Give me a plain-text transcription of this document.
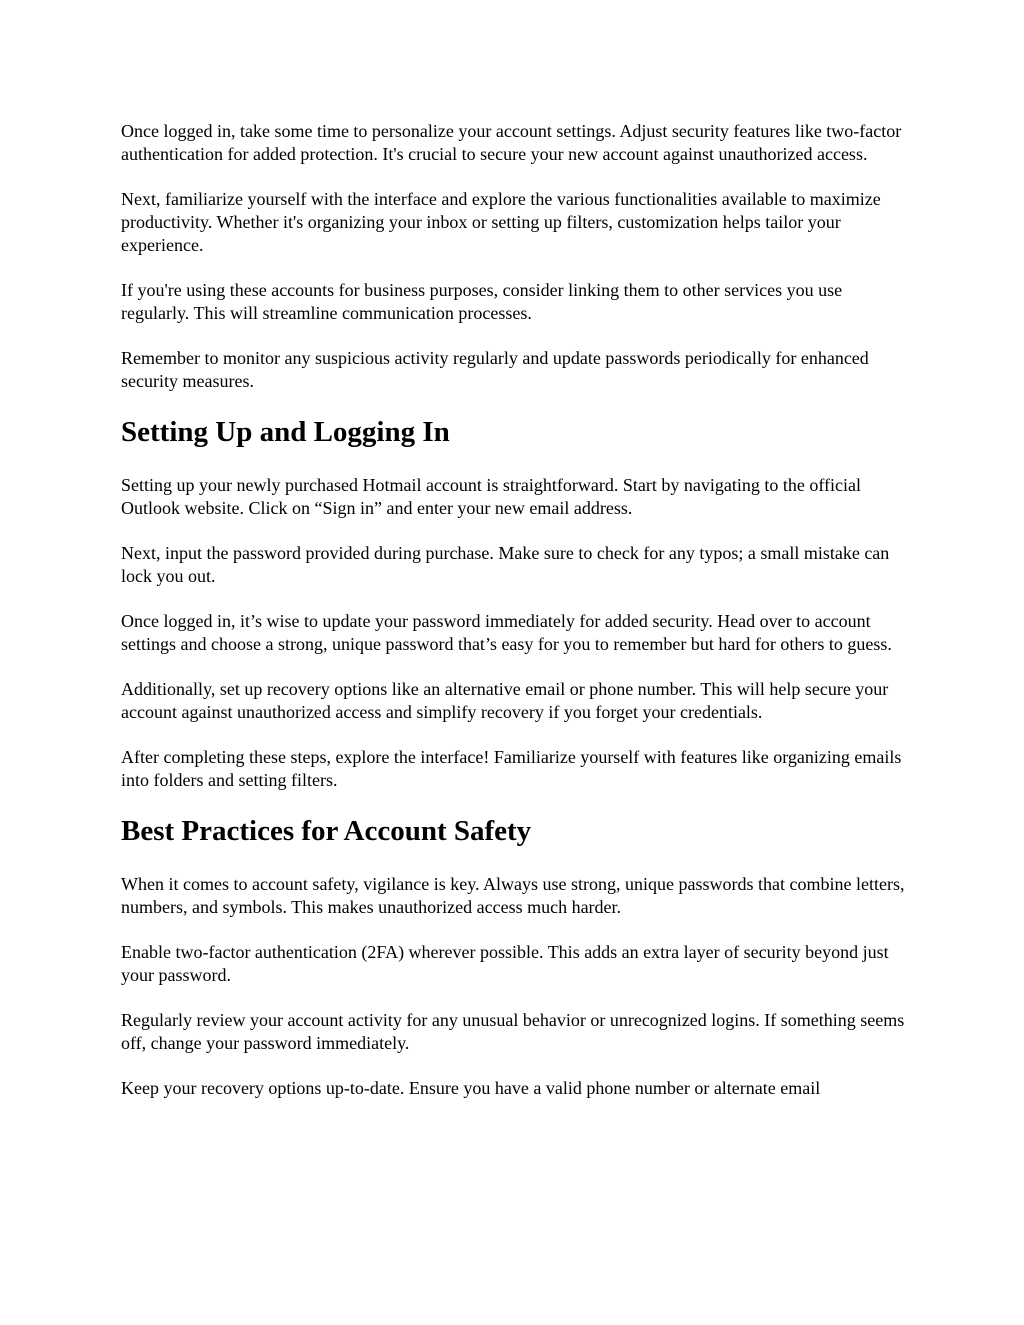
Once logged in, take some time to personalize your account settings. Adjust security features like two-factor authentication for added protection. It's crucial to secure your new account against unauthorized access.

Next, familiarize yourself with the interface and explore the various functionalities available to maximize productivity. Whether it's organizing your inbox or setting up filters, customization helps tailor your experience.

If you're using these accounts for business purposes, consider linking them to other services you use regularly. This will streamline communication processes.

Remember to monitor any suspicious activity regularly and update passwords periodically for enhanced security measures.

Setting Up and Logging In

Setting up your newly purchased Hotmail account is straightforward. Start by navigating to the official Outlook website. Click on “Sign in” and enter your new email address.

Next, input the password provided during purchase. Make sure to check for any typos; a small mistake can lock you out.

Once logged in, it’s wise to update your password immediately for added security. Head over to account settings and choose a strong, unique password that’s easy for you to remember but hard for others to guess.

Additionally, set up recovery options like an alternative email or phone number. This will help secure your account against unauthorized access and simplify recovery if you forget your credentials.

After completing these steps, explore the interface! Familiarize yourself with features like organizing emails into folders and setting filters.

Best Practices for Account Safety

When it comes to account safety, vigilance is key. Always use strong, unique passwords that combine letters, numbers, and symbols. This makes unauthorized access much harder.

Enable two-factor authentication (2FA) wherever possible. This adds an extra layer of security beyond just your password.

Regularly review your account activity for any unusual behavior or unrecognized logins. If something seems off, change your password immediately.

Keep your recovery options up-to-date. Ensure you have a valid phone number or alternate email
